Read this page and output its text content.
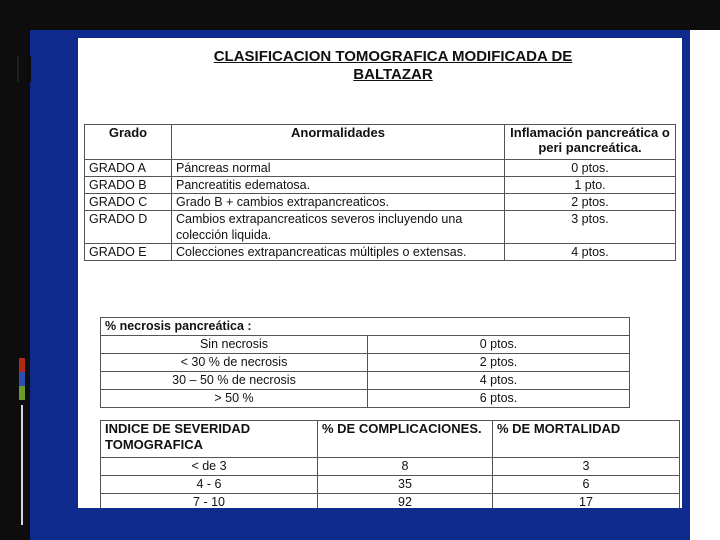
CLASIFICACION TOMOGRAFICA MODIFICADA DE
BALTAZAR
Grado	Anormalidades	Inflamación pancreática o peri pancreática.
GRADO A	Páncreas normal	0 ptos.
GRADO B	Pancreatitis edematosa.	1 pto.
GRADO C	Grado B + cambios extrapancreaticos.	2 ptos.
GRADO D	Cambios extrapancreaticos severos incluyendo una colección liquida.	3 ptos.
GRADO E	Colecciones extrapancreaticas múltiples o extensas.	4 ptos.
% necrosis pancreática :	
Sin necrosis	0 ptos.
< 30 % de necrosis	2 ptos.
30 – 50 % de necrosis	4 ptos.
> 50 %	6 ptos.
INDICE DE SEVERIDAD TOMOGRAFICA	% DE COMPLICACIONES.	% DE MORTALIDAD
< de 3	8	3
4 - 6	35	6
7 - 10	92	17
